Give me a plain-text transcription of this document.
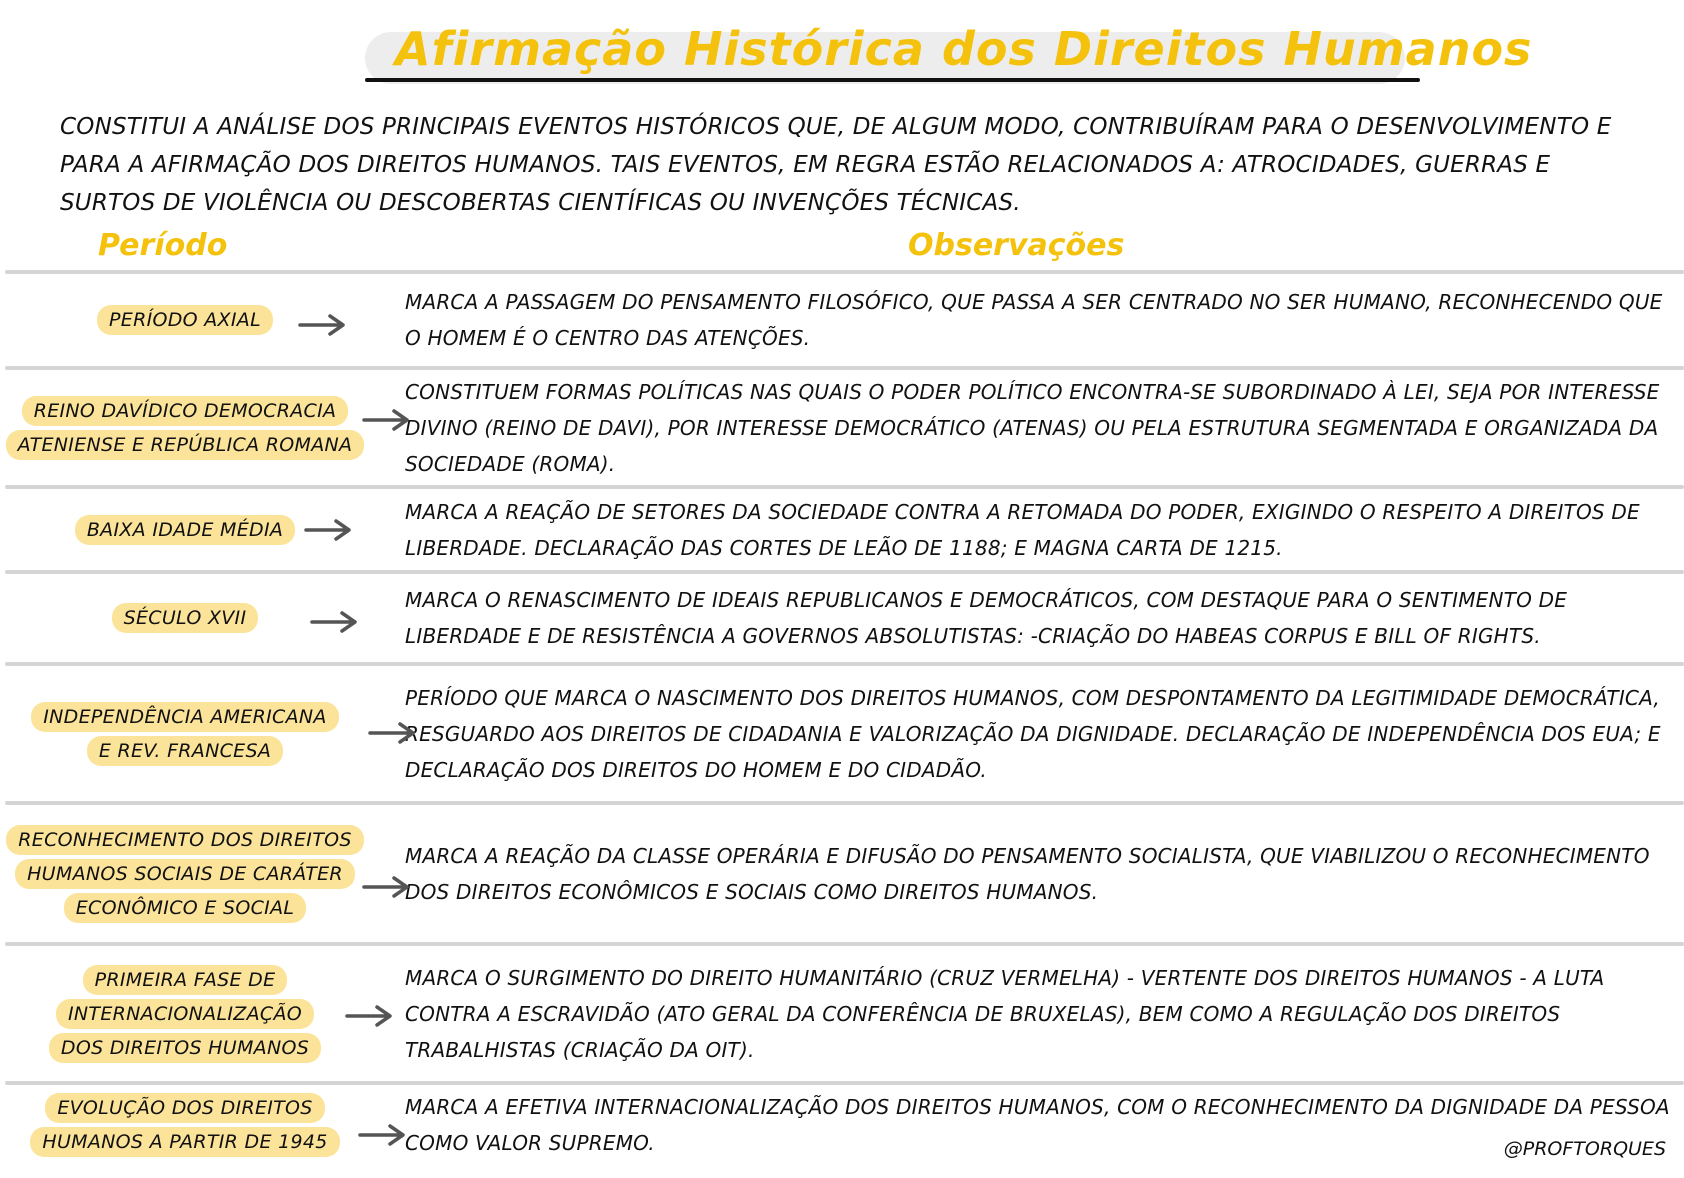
Afirmação Histórica dos Direitos Humanos

CONSTITUI A ANÁLISE DOS PRINCIPAIS EVENTOS HISTÓRICOS QUE, DE ALGUM MODO, CONTRIBUÍRAM PARA O DESENVOLVIMENTO E PARA A AFIRMAÇÃO DOS DIREITOS HUMANOS. TAIS EVENTOS, EM REGRA ESTÃO RELACIONADOS A: ATROCIDADES, GUERRAS E SURTOS DE VIOLÊNCIA OU DESCOBERTAS CIENTÍFICAS OU INVENÇÕES TÉCNICAS.

Período	Observações
PERÍODO AXIAL

MARCA A PASSAGEM DO PENSAMENTO FILOSÓFICO, QUE PASSA A SER CENTRADO NO SER HUMANO, RECONHECENDO QUE O HOMEM É O CENTRO DAS ATENÇÕES.

REINO DAVÍDICO DEMOCRACIA
ATENIENSE E REPÚBLICA ROMANA

CONSTITUEM FORMAS POLÍTICAS NAS QUAIS O PODER POLÍTICO ENCONTRA-SE SUBORDINADO À LEI, SEJA POR INTERESSE DIVINO (REINO DE DAVI), POR INTERESSE DEMOCRÁTICO (ATENAS) OU PELA ESTRUTURA SEGMENTADA E ORGANIZADA DA SOCIEDADE (ROMA).

BAIXA IDADE MÉDIA

MARCA A REAÇÃO DE SETORES DA SOCIEDADE CONTRA A RETOMADA DO PODER, EXIGINDO O RESPEITO A DIREITOS DE LIBERDADE. DECLARAÇÃO DAS CORTES DE LEÃO DE 1188; E MAGNA CARTA DE 1215.

SÉCULO XVII

MARCA O RENASCIMENTO DE IDEAIS REPUBLICANOS E DEMOCRÁTICOS, COM DESTAQUE PARA O SENTIMENTO DE LIBERDADE E DE RESISTÊNCIA A GOVERNOS ABSOLUTISTAS: -CRIAÇÃO DO HABEAS CORPUS E BILL OF RIGHTS.

INDEPENDÊNCIA AMERICANA
E REV. FRANCESA

PERÍODO QUE MARCA O NASCIMENTO DOS DIREITOS HUMANOS, COM DESPONTAMENTO DA LEGITIMIDADE DEMOCRÁTICA, RESGUARDO AOS DIREITOS DE CIDADANIA E VALORIZAÇÃO DA DIGNIDADE. DECLARAÇÃO DE INDEPENDÊNCIA DOS EUA; E DECLARAÇÃO DOS DIREITOS DO HOMEM E DO CIDADÃO.

RECONHECIMENTO DOS DIREITOS
HUMANOS SOCIAIS DE CARÁTER
ECONÔMICO E SOCIAL

MARCA A REAÇÃO DA CLASSE OPERÁRIA E DIFUSÃO DO PENSAMENTO SOCIALISTA, QUE VIABILIZOU O RECONHECIMENTO DOS DIREITOS ECONÔMICOS E SOCIAIS COMO DIREITOS HUMANOS.

PRIMEIRA FASE DE
INTERNACIONALIZAÇÃO
DOS DIREITOS HUMANOS

MARCA O SURGIMENTO DO DIREITO HUMANITÁRIO (CRUZ VERMELHA) - VERTENTE DOS DIREITOS HUMANOS - A LUTA CONTRA A ESCRAVIDÃO (ATO GERAL DA CONFERÊNCIA DE BRUXELAS), BEM COMO A REGULAÇÃO DOS DIREITOS TRABALHISTAS (CRIAÇÃO DA OIT).

EVOLUÇÃO DOS DIREITOS
HUMANOS A PARTIR DE 1945

MARCA A EFETIVA INTERNACIONALIZAÇÃO DOS DIREITOS HUMANOS, COM O RECONHECIMENTO DA DIGNIDADE DA PESSOA COMO VALOR SUPREMO.	@PROFTORQUES
